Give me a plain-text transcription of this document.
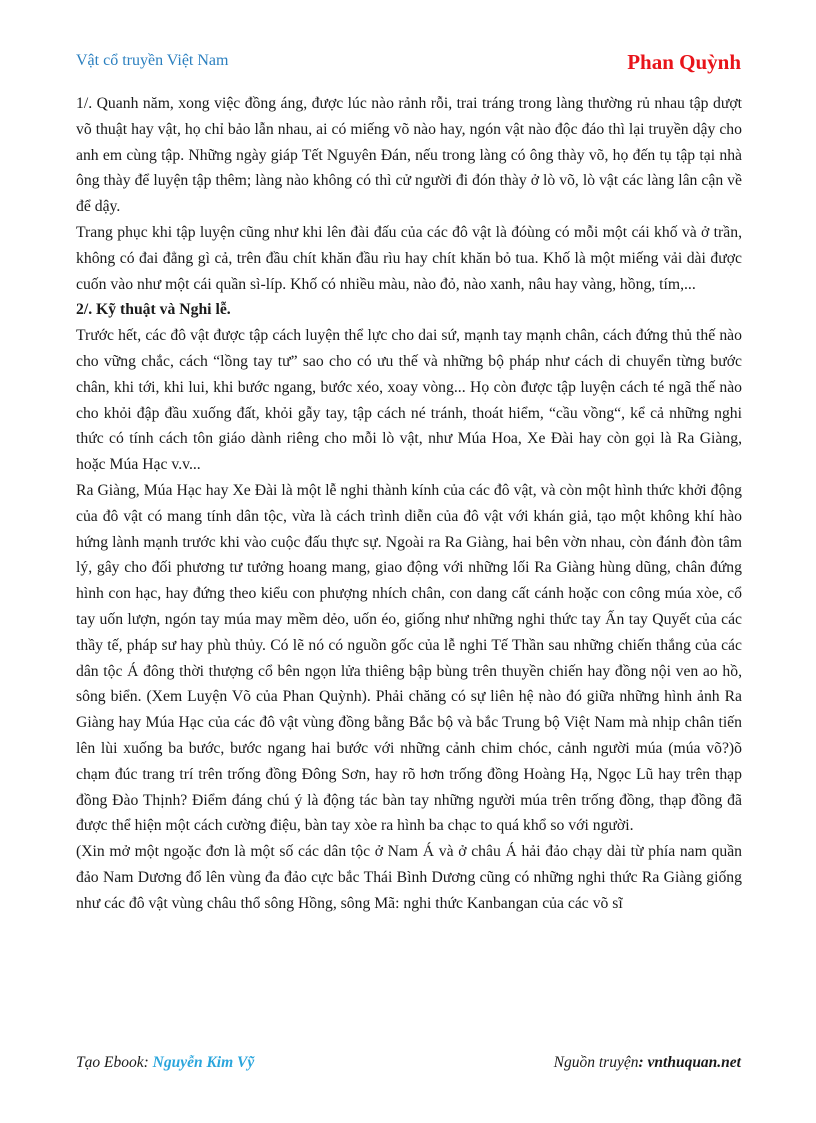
Vật cổ truyền Việt Nam	Phan Quỳnh

1/. Quanh năm, xong việc đồng áng, được lúc nào rảnh rỗi, trai tráng trong làng thường rủ nhau tập dượt võ thuật hay vật, họ chỉ bảo lẫn nhau, ai có miếng võ nào hay, ngón vật nào độc đáo thì lại truyền dậy cho anh em cùng tập. Những ngày giáp Tết Nguyên Đán, nếu trong làng có ông thày võ, họ đến tụ tập tại nhà ông thày để luyện tập thêm; làng nào không có thì cử người đi đón thày ở lò võ, lò vật các làng lân cận về để dậy.

Trang phục khi tập luyện cũng như khi lên đài đấu của các đô vật là đóùng có mỗi một cái khố và ở trần, không có đai đẳng gì cả, trên đầu chít khăn đầu rìu hay chít khăn bỏ tua. Khố là một miếng vải dài được cuốn vào như một cái quần sì-líp. Khố có nhiều màu, nào đỏ, nào xanh, nâu hay vàng, hồng, tím,...

2/. Kỹ thuật và Nghi lễ.

Trước hết, các đô vật được tập cách luyện thể lực cho dai sứ, mạnh tay mạnh chân, cách đứng thủ thế nào cho vững chắc, cách “lồng tay tư” sao cho có ưu thế và những bộ pháp như cách di chuyển từng bước chân, khi tới, khi lui, khi bước ngang, bước xéo, xoay vòng... Họ còn được tập luyện cách té ngã thế nào cho khỏi đập đầu xuống đất, khỏi gẫy tay, tập cách né tránh, thoát hiểm, “cầu vồng“, kể cả những nghi thức có tính cách tôn giáo dành riêng cho mỗi lò vật, như Múa Hoa, Xe Đài hay còn gọi là Ra Giàng, hoặc Múa Hạc v.v...

Ra Giàng, Múa Hạc hay Xe Đài là một lễ nghi thành kính của các đô vật, và còn một hình thức khởi động của đô vật có mang tính dân tộc, vừa là cách trình diễn của đô vật với khán giả, tạo một không khí hào hứng lành mạnh trước khi vào cuộc đấu thực sự. Ngoài ra Ra Giàng, hai bên vờn nhau, còn đánh đòn tâm lý, gây cho đối phương tư tưởng hoang mang, giao động với những lối Ra Giàng hùng dũng, chân đứng hình con hạc, hay đứng theo kiểu con phượng nhích chân, con dang cất cánh hoặc con công múa xòe, cổ tay uốn lượn, ngón tay múa may mềm dẻo, uốn éo, giống như những nghi thức tay Ấn tay Quyết của các thầy tế, pháp sư hay phù thủy. Có lẽ nó có nguồn gốc của lễ nghi Tế Thần sau những chiến thắng của các dân tộc Á đông thời thượng cổ bên ngọn lửa thiêng bập bùng trên thuyền chiến hay đồng nội ven ao hồ, sông biển. (Xem Luyện Võ của Phan Quỳnh). Phải chăng có sự liên hệ nào đó giữa những hình ảnh Ra Giàng hay Múa Hạc của các đô vật vùng đồng bằng Bắc bộ và bắc Trung bộ Việt Nam mà nhịp chân tiến lên lùi xuống ba bước, bước ngang hai bước với những cảnh chim chóc, cảnh người múa (múa võ?)õ chạm đúc trang trí trên trống đồng Đông Sơn, hay rõ hơn trống đồng Hoàng Hạ, Ngọc Lũ hay trên thạp đồng Đào Thịnh? Điểm đáng chú ý là động tác bàn tay những người múa trên trống đồng, thạp đồng đã được thể hiện một cách cường điệu, bàn tay xòe ra hình ba chạc to quá khổ so với người.

(Xin mở một ngoặc đơn là một số các dân tộc ở Nam Á và ở châu Á hải đảo chạy dài từ phía nam quần đảo Nam Dương đổ lên vùng đa đảo cực bắc Thái Bình Dương cũng có những nghi thức Ra Giàng giống như các đô vật vùng châu thổ sông Hồng, sông Mã: nghi thức Kanbangan của các võ sĩ

Tạo Ebook: Nguyễn Kim Vỹ	Nguồn truyện: vnthuquan.net
